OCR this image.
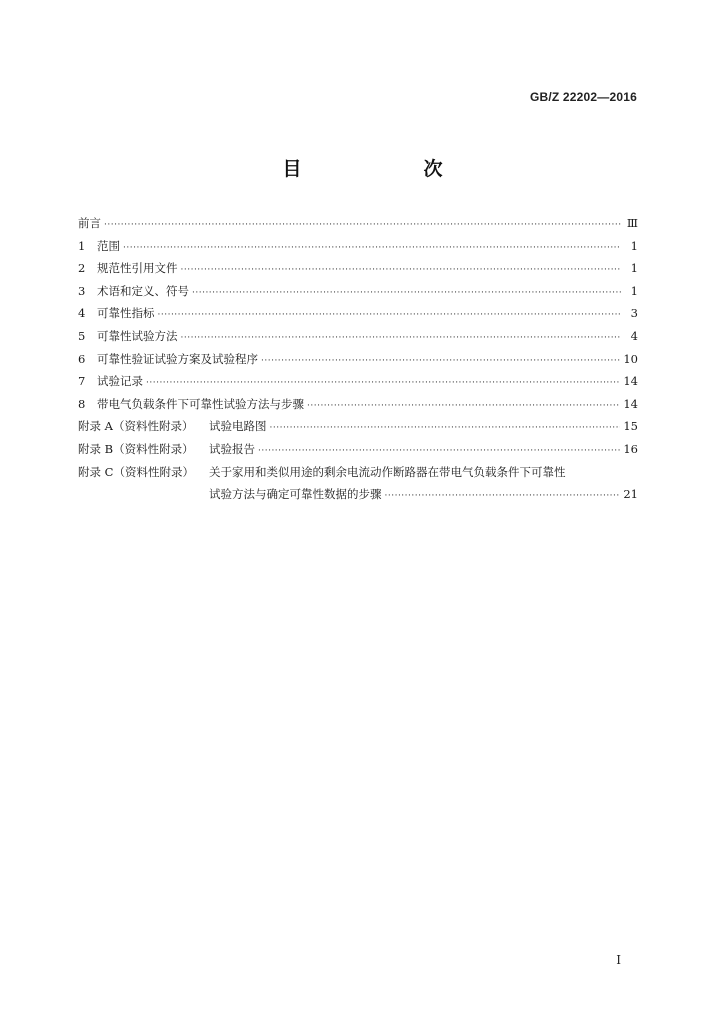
GB/Z 22202—2016
目　　次
前言 ·····	Ⅲ
1	范围 ·····	1
2	规范性引用文件 ·····	1
3	术语和定义、符号 ·····	1
4	可靠性指标 ·····	3
5	可靠性试验方法 ·····	4
6	可靠性验证试验方案及试验程序 ·····	10
7	试验记录 ·····	14
8	带电气负载条件下可靠性试验方法与步骤 ·····	14
附录 A（资料性附录）	试验电路图 ·····	15
附录 B（资料性附录）	试验报告 ·····	16
附录 C（资料性附录）	关于家用和类似用途的剩余电流动作断路器在带电气负载条件下可靠性
试验方法与确定可靠性数据的步骤 ·····	21
I
